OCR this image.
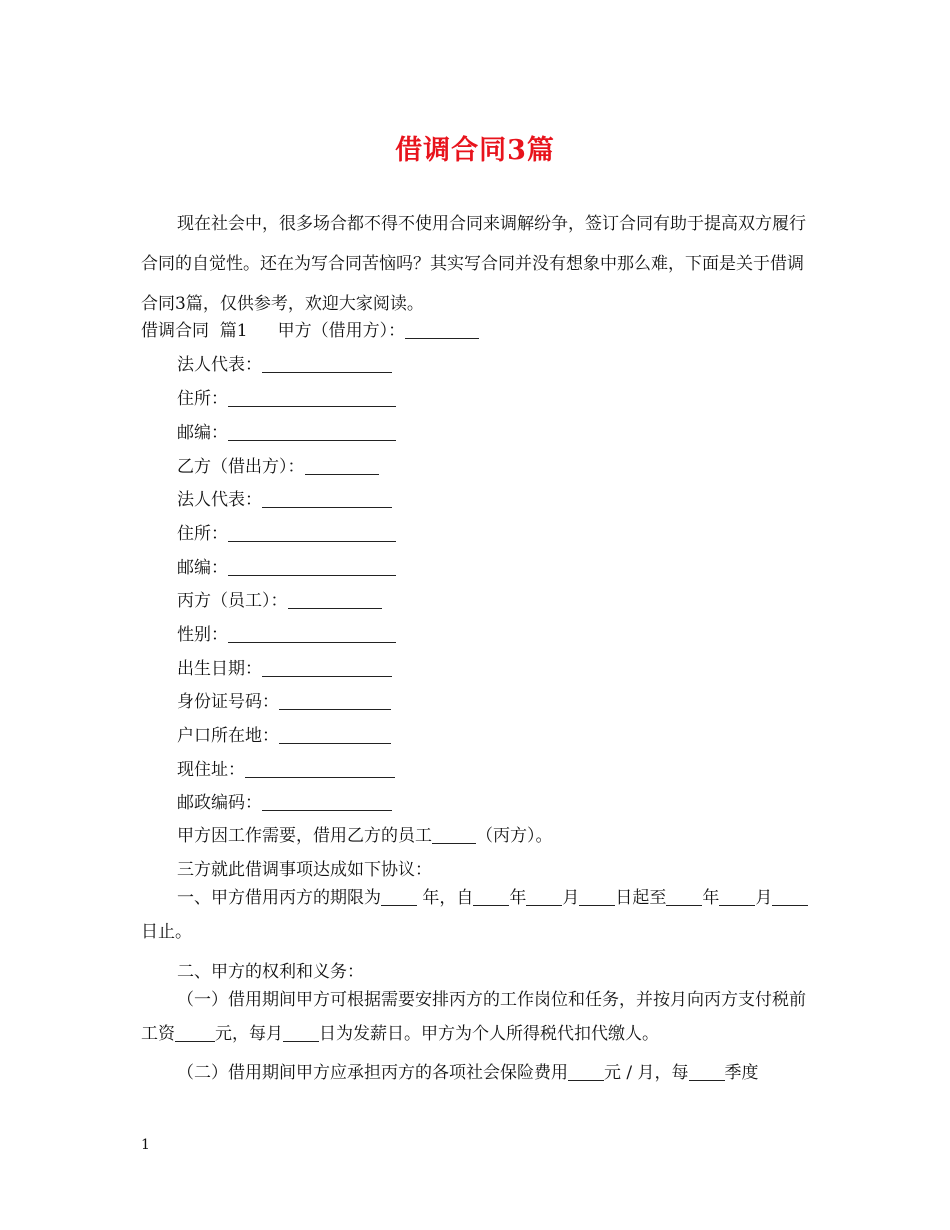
借调合同3篇

现在社会中，很多场合都不得不使用合同来调解纷争，签订合同有助于提高双方履行合同的自觉性。还在为写合同苦恼吗？其实写合同并没有想象中那么难，下面是关于借调合同3篇，仅供参考，欢迎大家阅读。

借调合同  篇1 甲方（借用方）：
法人代表：
住所：
邮编：
乙方（借出方）：
法人代表：
住所：
邮编：
丙方（员工）：
性别：
出生日期：
身份证号码：
户口所在地：
现住址：
邮政编码：
甲方因工作需要，借用乙方的员工	（丙方）。
三方就此借调事项达成如下协议：

一、甲方借用丙方的期限为 年，自 年 月 日起至 年 月日止。

二、甲方的权利和义务：

（一）借用期间甲方可根据需要安排丙方的工作岗位和任务，并按月向丙方支付税前工资 元，每月 日为发薪日。甲方为个人所得税代扣代缴人。

（二）借用期间甲方应承担丙方的各项社会保险费用 元 / 月，每 季度
1
